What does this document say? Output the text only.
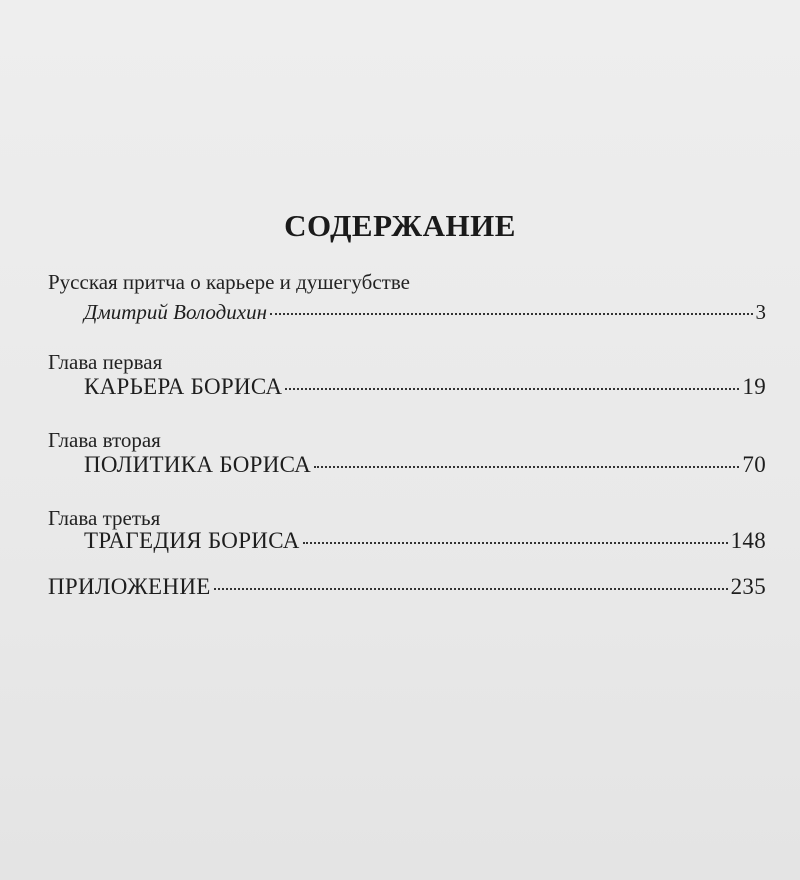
СОДЕРЖАНИЕ
Русская притча о карьере и душегубстве
Дмитрий Володихин	3
Глава первая
КАРЬЕРА БОРИСА	19
Глава вторая
ПОЛИТИКА БОРИСА	70
Глава третья
ТРАГЕДИЯ БОРИСА	148
ПРИЛОЖЕНИЕ	235
